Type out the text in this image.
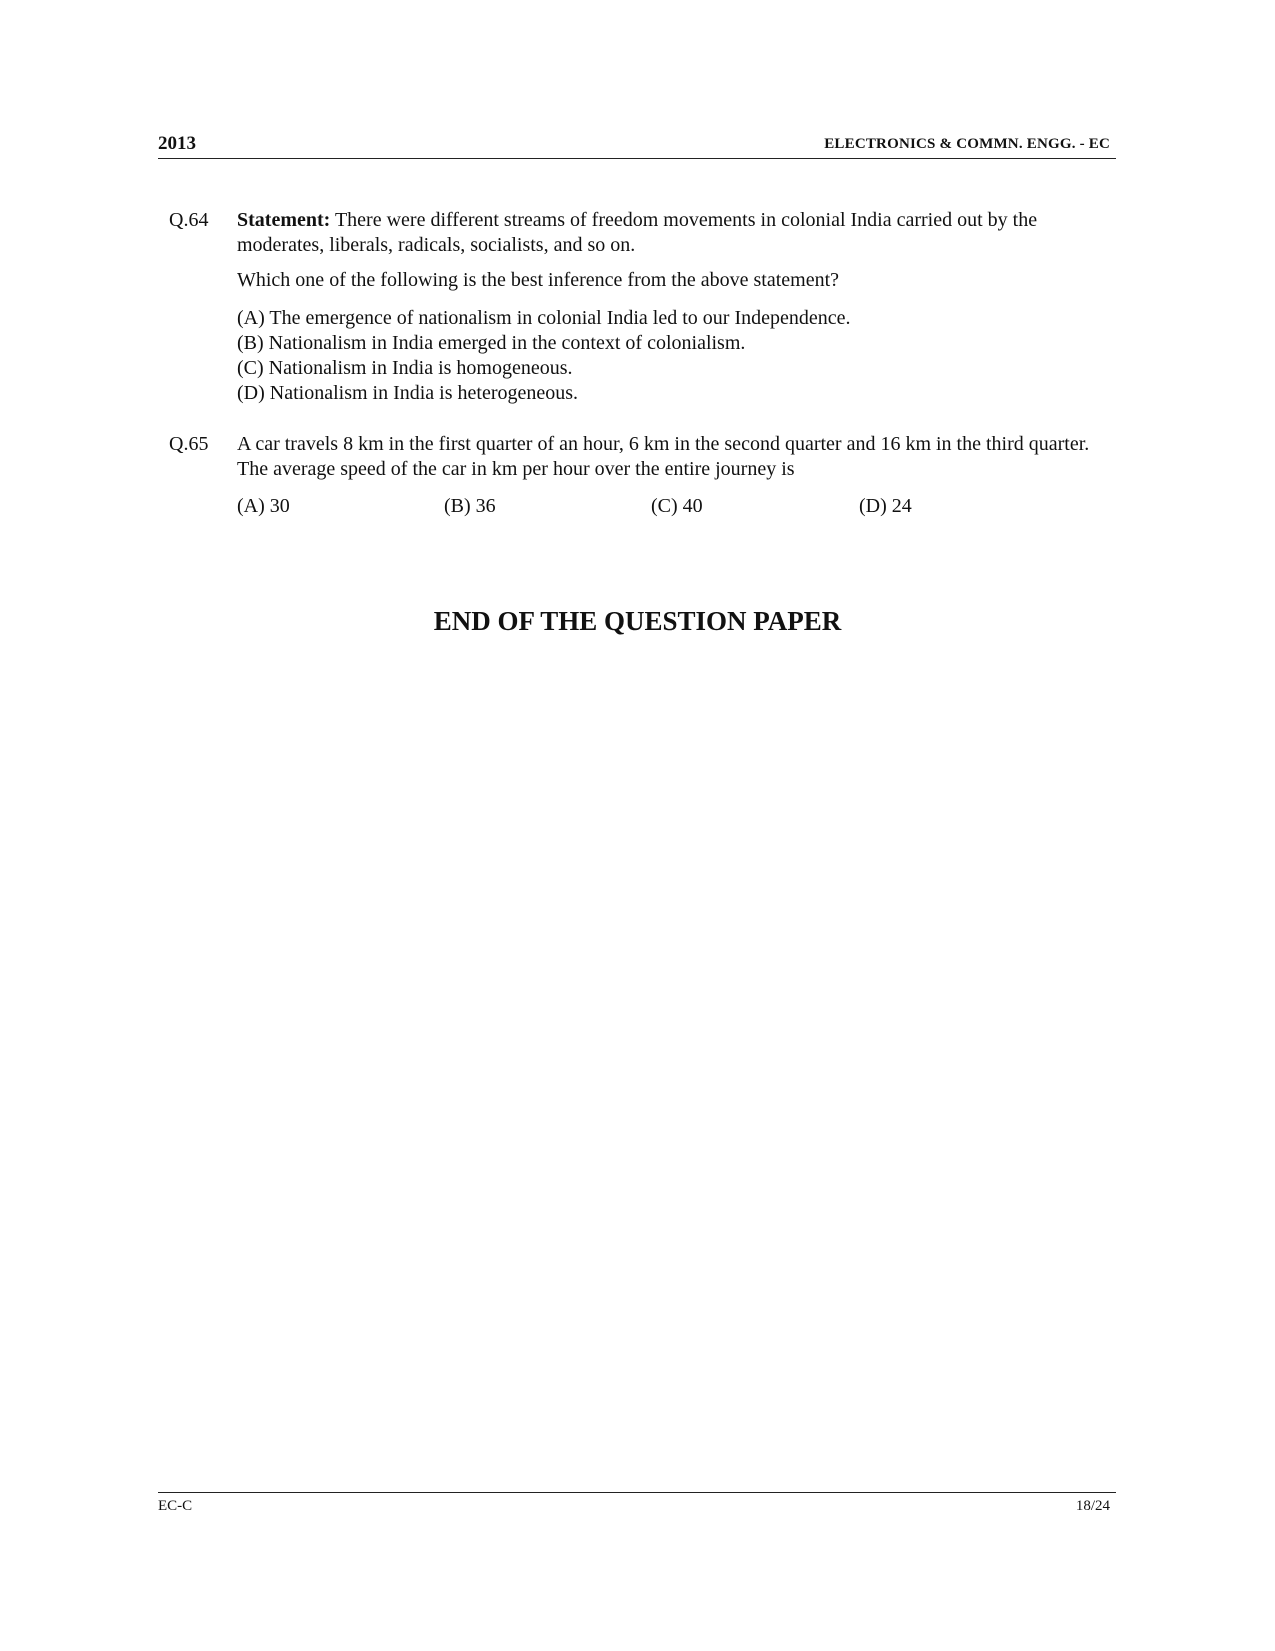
2013	ELECTRONICS & COMMN. ENGG. - EC
Q.64 Statement: There were different streams of freedom movements in colonial India carried out by the moderates, liberals, radicals, socialists, and so on.

Which one of the following is the best inference from the above statement?

(A) The emergence of nationalism in colonial India led to our Independence.
(B) Nationalism in India emerged in the context of colonialism.
(C) Nationalism in India is homogeneous.
(D) Nationalism in India is heterogeneous.
Q.65 A car travels 8 km in the first quarter of an hour, 6 km in the second quarter and 16 km in the third quarter. The average speed of the car in km per hour over the entire journey is

(A) 30	(B) 36	(C) 40	(D) 24
END OF THE QUESTION PAPER
EC-C	18/24
